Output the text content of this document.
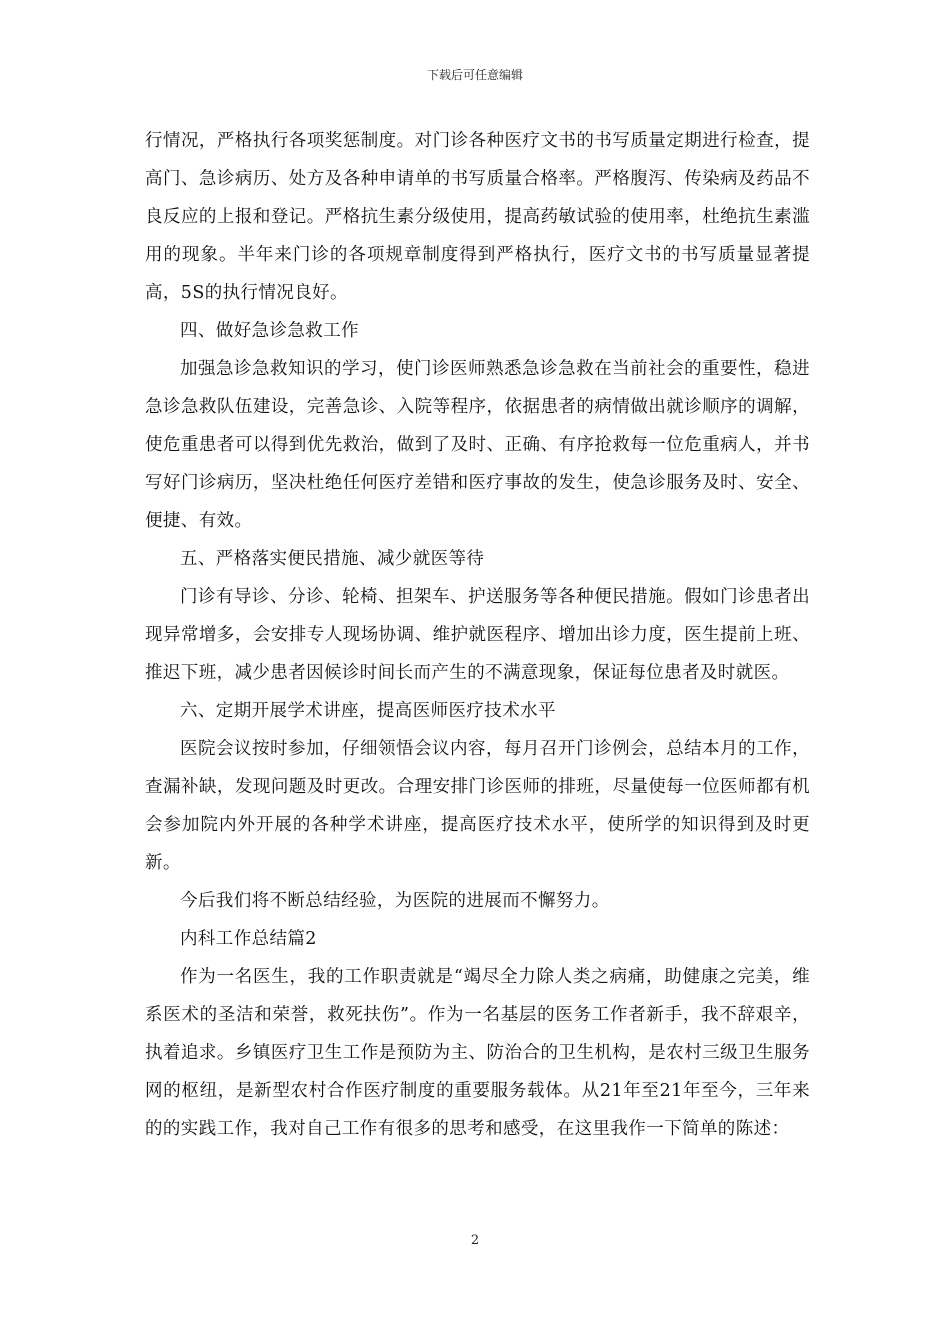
下载后可任意编辑

行情况，严格执行各项奖惩制度。对门诊各种医疗文书的书写质量定期进行检查，提高门、急诊病历、处方及各种申请单的书写质量合格率。严格腹泻、传染病及药品不良反应的上报和登记。严格抗生素分级使用，提高药敏试验的使用率，杜绝抗生素滥用的现象。半年来门诊的各项规章制度得到严格执行，医疗文书的书写质量显著提高，5S的执行情况良好。

四、做好急诊急救工作

加强急诊急救知识的学习，使门诊医师熟悉急诊急救在当前社会的重要性，稳进急诊急救队伍建设，完善急诊、入院等程序，依据患者的病情做出就诊顺序的调解，使危重患者可以得到优先救治，做到了及时、正确、有序抢救每一位危重病人，并书写好门诊病历，坚决杜绝任何医疗差错和医疗事故的发生，使急诊服务及时、安全、便捷、有效。

五、严格落实便民措施、减少就医等待

门诊有导诊、分诊、轮椅、担架车、护送服务等各种便民措施。假如门诊患者出现异常增多，会安排专人现场协调、维护就医程序、增加出诊力度，医生提前上班、推迟下班，减少患者因候诊时间长而产生的不满意现象，保证每位患者及时就医。

六、定期开展学术讲座，提高医师医疗技术水平

医院会议按时参加，仔细领悟会议内容，每月召开门诊例会，总结本月的工作，查漏补缺，发现问题及时更改。合理安排门诊医师的排班，尽量使每一位医师都有机会参加院内外开展的各种学术讲座，提高医疗技术水平，使所学的知识得到及时更新。

今后我们将不断总结经验，为医院的进展而不懈努力。

内科工作总结篇2

作为一名医生，我的工作职责就是“竭尽全力除人类之病痛，助健康之完美，维系医术的圣洁和荣誉，救死扶伤”。作为一名基层的医务工作者新手，我不辞艰辛，执着追求。乡镇医疗卫生工作是预防为主、防治合的卫生机构，是农村三级卫生服务网的枢纽，是新型农村合作医疗制度的重要服务载体。从21年至21年至今，三年来的的实践工作，我对自己工作有很多的思考和感受，在这里我作一下简单的陈述：

2
